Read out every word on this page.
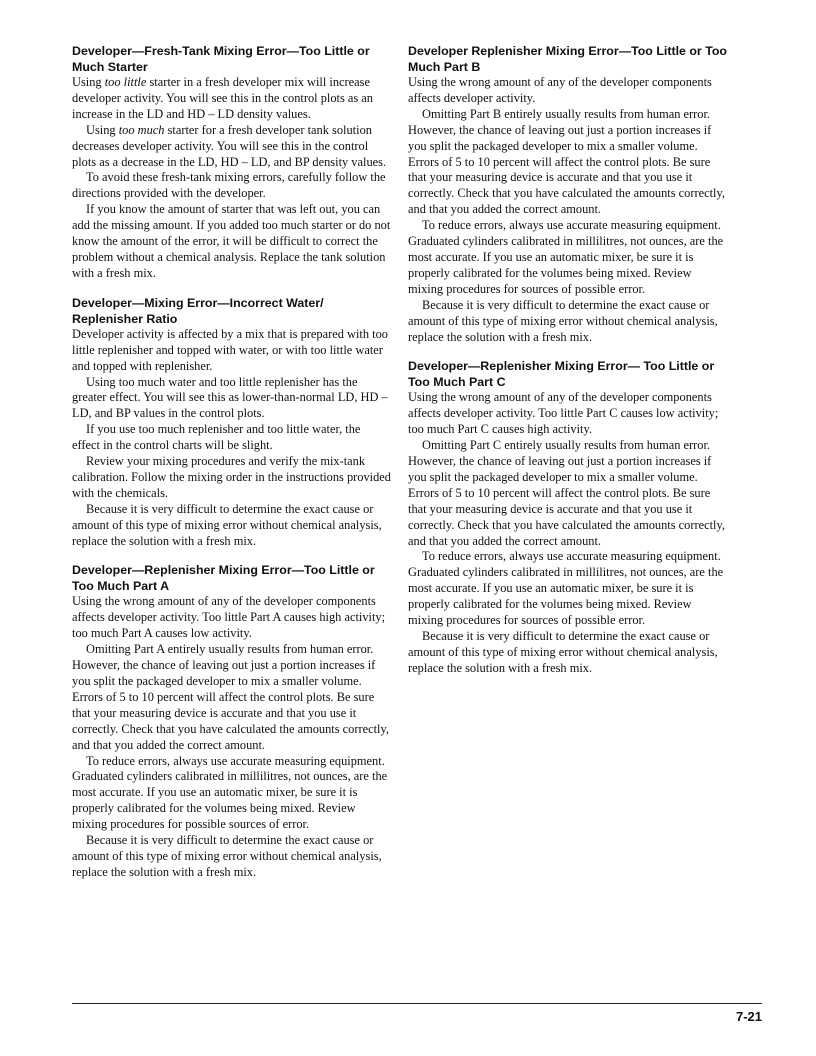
Developer—Fresh-Tank Mixing Error—Too Little or Much Starter

Using too little starter in a fresh developer mix will increase developer activity. You will see this in the control plots as an increase in the LD and HD – LD density values.

Using too much starter for a fresh developer tank solution decreases developer activity. You will see this in the control plots as a decrease in the LD, HD – LD, and BP density values.

To avoid these fresh-tank mixing errors, carefully follow the directions provided with the developer.

If you know the amount of starter that was left out, you can add the missing amount. If you added too much starter or do not know the amount of the error, it will be difficult to correct the problem without a chemical analysis. Replace the tank solution with a fresh mix.

Developer—Mixing Error—Incorrect Water/ Replenisher Ratio

Developer activity is affected by a mix that is prepared with too little replenisher and topped with water, or with too little water and topped with replenisher.

Using too much water and too little replenisher has the greater effect. You will see this as lower-than-normal LD, HD – LD, and BP values in the control plots.

If you use too much replenisher and too little water, the effect in the control charts will be slight.

Review your mixing procedures and verify the mix-tank calibration. Follow the mixing order in the instructions provided with the chemicals.

Because it is very difficult to determine the exact cause or amount of this type of mixing error without chemical analysis, replace the solution with a fresh mix.

Developer—Replenisher Mixing Error—Too Little or Too Much Part A

Using the wrong amount of any of the developer components affects developer activity. Too little Part A causes high activity; too much Part A causes low activity.

Omitting Part A entirely usually results from human error. However, the chance of leaving out just a portion increases if you split the packaged developer to mix a smaller volume. Errors of 5 to 10 percent will affect the control plots. Be sure that your measuring device is accurate and that you use it correctly. Check that you have calculated the amounts correctly, and that you added the correct amount.

To reduce errors, always use accurate measuring equipment. Graduated cylinders calibrated in millilitres, not ounces, are the most accurate. If you use an automatic mixer, be sure it is properly calibrated for the volumes being mixed. Review mixing procedures for possible sources of error.

Because it is very difficult to determine the exact cause or amount of this type of mixing error without chemical analysis, replace the solution with a fresh mix.

Developer Replenisher Mixing Error—Too Little or Too Much Part B

Using the wrong amount of any of the developer components affects developer activity.

Omitting Part B entirely usually results from human error. However, the chance of leaving out just a portion increases if you split the packaged developer to mix a smaller volume. Errors of 5 to 10 percent will affect the control plots. Be sure that your measuring device is accurate and that you use it correctly. Check that you have calculated the amounts correctly, and that you added the correct amount.

To reduce errors, always use accurate measuring equipment. Graduated cylinders calibrated in millilitres, not ounces, are the most accurate. If you use an automatic mixer, be sure it is properly calibrated for the volumes being mixed. Review mixing procedures for sources of possible error.

Because it is very difficult to determine the exact cause or amount of this type of mixing error without chemical analysis, replace the solution with a fresh mix.

Developer—Replenisher Mixing Error— Too Little or Too Much Part C

Using the wrong amount of any of the developer components affects developer activity. Too little Part C causes low activity; too much Part C causes high activity.

Omitting Part C entirely usually results from human error. However, the chance of leaving out just a portion increases if you split the packaged developer to mix a smaller volume. Errors of 5 to 10 percent will affect the control plots. Be sure that your measuring device is accurate and that you use it correctly. Check that you have calculated the amounts correctly, and that you added the correct amount.

To reduce errors, always use accurate measuring equipment. Graduated cylinders calibrated in millilitres, not ounces, are the most accurate. If you use an automatic mixer, be sure it is properly calibrated for the volumes being mixed. Review mixing procedures for sources of possible error.

Because it is very difficult to determine the exact cause or amount of this type of mixing error without chemical analysis, replace the solution with a fresh mix.

7-21
